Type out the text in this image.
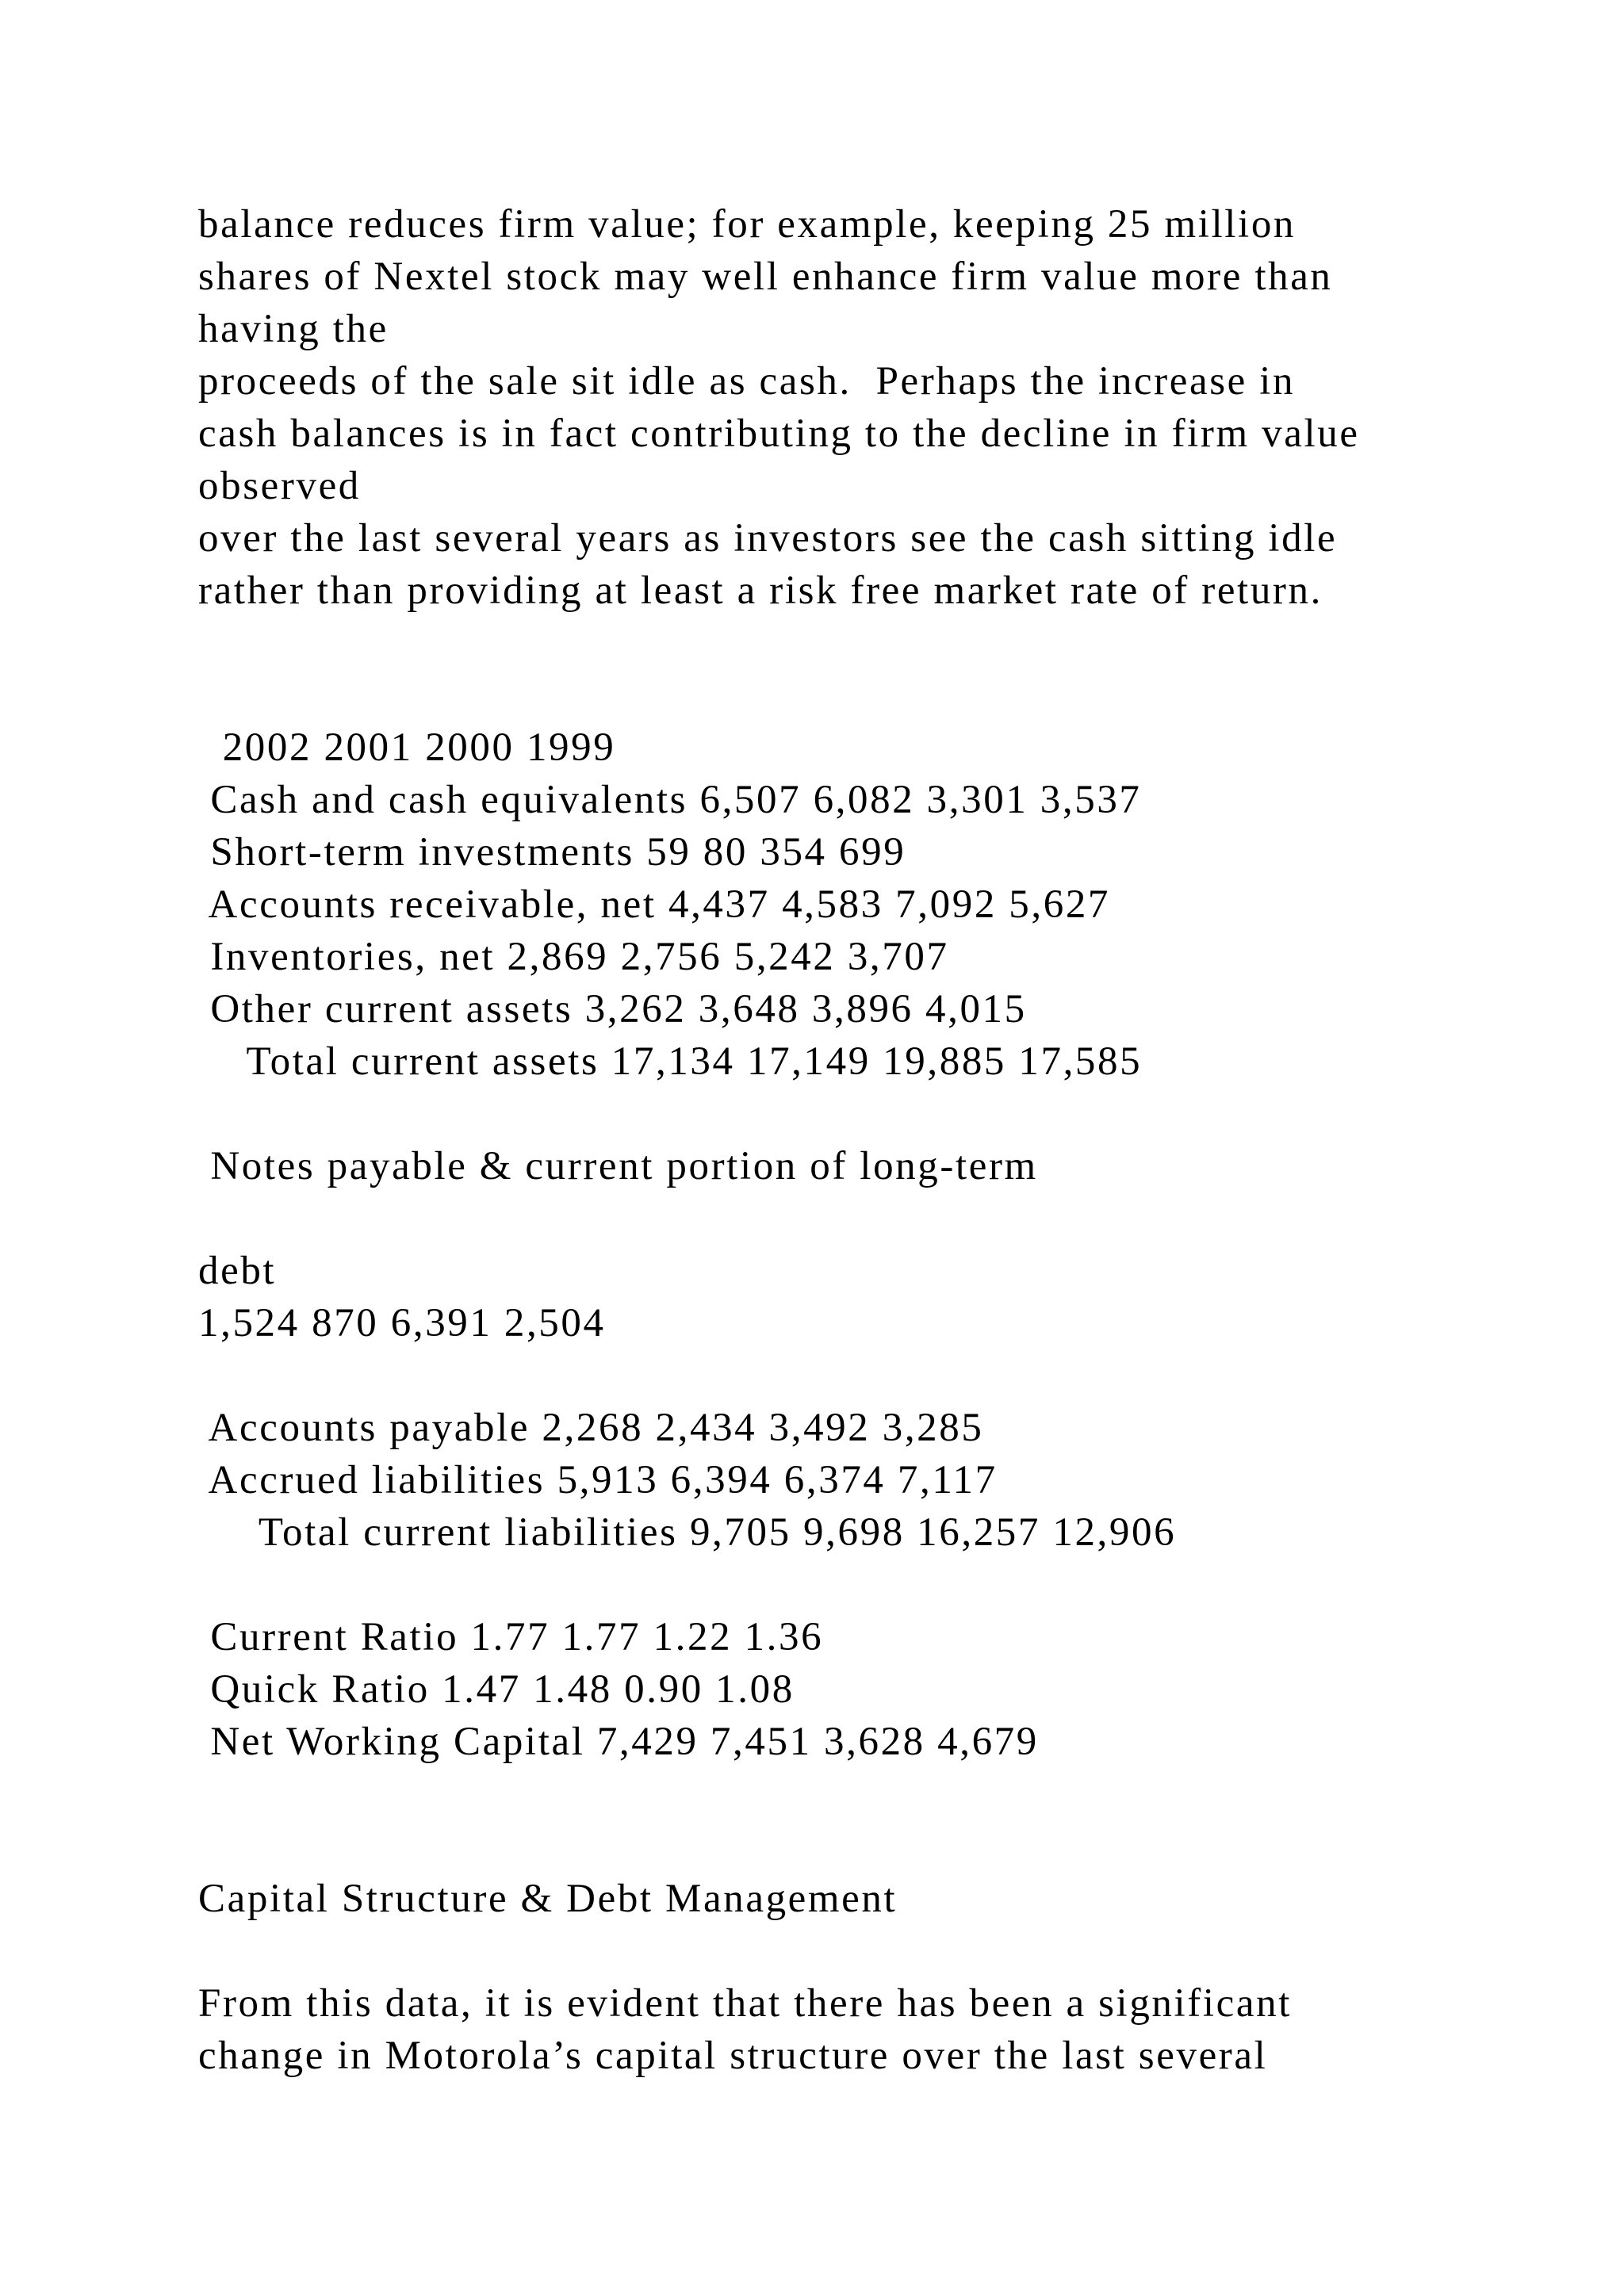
balance reduces firm value; for example, keeping 25 million
shares of Nextel stock may well enhance firm value more than
having the
proceeds of the sale sit idle as cash.  Perhaps the increase in
cash balances is in fact contributing to the decline in firm value
observed
over the last several years as investors see the cash sitting idle
rather than providing at least a risk free market rate of return.
2002 2001 2000 1999
Cash and cash equivalents 6,507 6,082 3,301 3,537
Short-term investments 59 80 354 699
Accounts receivable, net 4,437 4,583 7,092 5,627
Inventories, net 2,869 2,756 5,242 3,707
Other current assets 3,262 3,648 3,896 4,015
Total current assets 17,134 17,149 19,885 17,585
Notes payable & current portion of long-term
debt
1,524 870 6,391 2,504
Accounts payable 2,268 2,434 3,492 3,285
Accrued liabilities 5,913 6,394 6,374 7,117
Total current liabilities 9,705 9,698 16,257 12,906
Current Ratio 1.77 1.77 1.22 1.36
Quick Ratio 1.47 1.48 0.90 1.08
Net Working Capital 7,429 7,451 3,628 4,679
Capital Structure & Debt Management
From this data, it is evident that there has been a significant
change in Motorola’s capital structure over the last several
